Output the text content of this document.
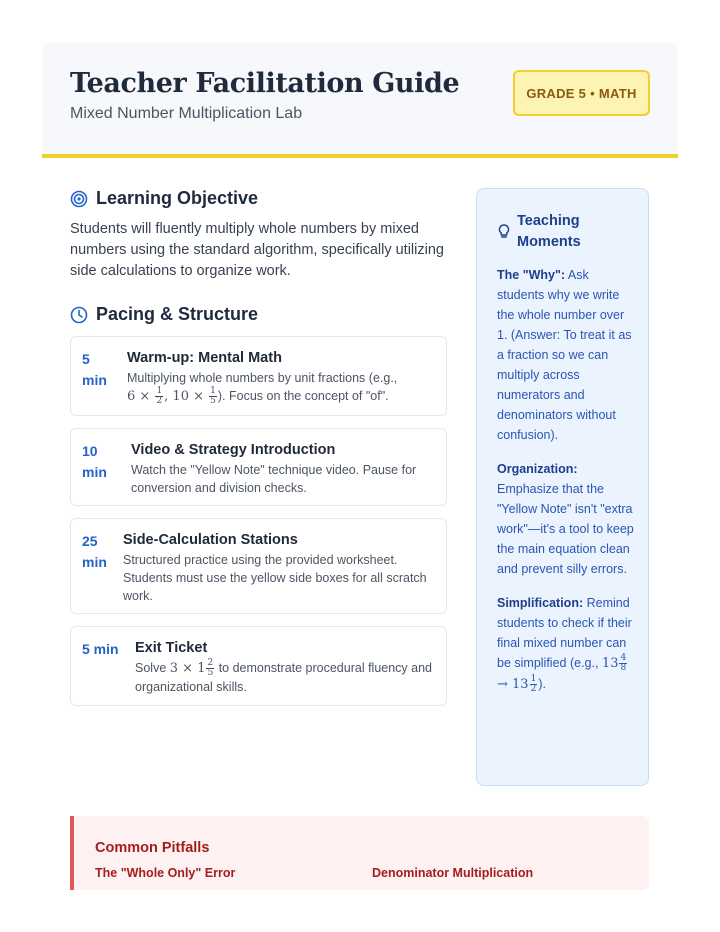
Teacher Facilitation Guide
Mixed Number Multiplication Lab
GRADE 5 • MATH
Learning Objective
Students will fluently multiply whole numbers by mixed numbers using the standard algorithm, specifically utilizing side calculations to organize work.
Pacing & Structure
5 min
Warm-up: Mental Math
Multiplying whole numbers by unit fractions (e.g.,
$6 \times \frac{1}{2}$ , $10 \times \frac{1}{5}$ ). Focus on the concept of "of".
10 min
Video & Strategy Introduction
Watch the "Yellow Note" technique video. Pause for conversion and division checks.
25 min
Side-Calculation Stations
Structured practice using the provided worksheet. Students must use the yellow side boxes for all scratch work.
5 min Exit Ticket
Solve $3 \times 1 \frac{2}{5}$ to demonstrate procedural fluency and organizational skills.
Teaching Moments

The "Why": Ask students why we write the whole number over 1. (Answer: To treat it as a fraction so we can multiply across numerators and denominators without confusion).

Organization: Emphasize that the "Yellow Note" isn't "extra work"—it's a tool to keep the main equation clean and prevent silly errors.

Simplification: Remind students to check if their final mixed number can be simplified (e.g., $13 \frac{4}{8}$

→ $13 \frac{1}{2}$ ).

Common Pitfalls
The "Whole Only" Error	Denominator Multiplication
